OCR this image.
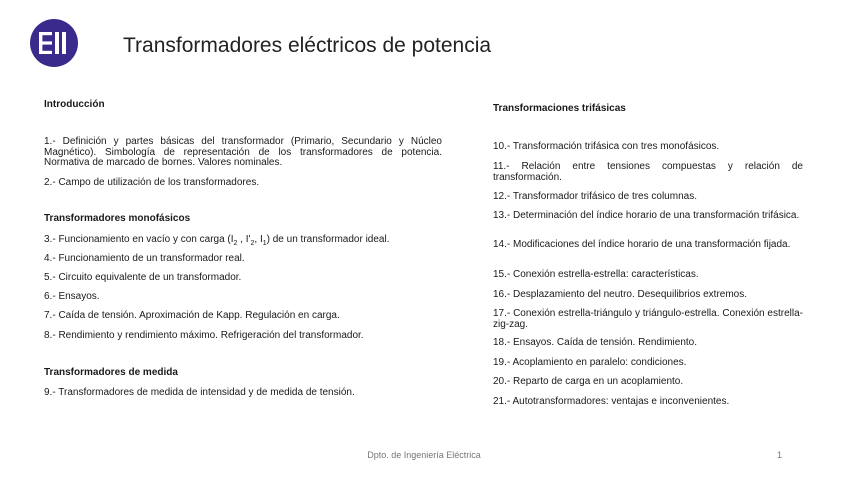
Transformadores eléctricos de potencia
Introducción
1.- Definición y partes básicas del transformador (Primario, Secundario y Núcleo Magnético). Simbología de representación de los transformadores de potencia. Normativa de marcado de bornes. Valores nominales.
2.- Campo de utilización de los transformadores.
Transformadores monofásicos
3.- Funcionamiento en vacío y con carga ($I_2$ , $I'_2$, $I_1$) de un transformador ideal.
4.- Funcionamiento de un transformador real.
5.- Circuito equivalente de un transformador.
6.- Ensayos.
7.- Caída de tensión. Aproximación de Kapp. Regulación en carga.
8.- Rendimiento y rendimiento máximo. Refrigeración del transformador.
Transformadores de medida
9.- Transformadores de medida de intensidad y de medida de tensión.
Transformaciones trifásicas
10.- Transformación trifásica con tres monofásicos.
11.- Relación entre tensiones compuestas y relación de transformación.
12.- Transformador trifásico de tres columnas.
13.- Determinación del índice horario de una transformación trifásica.
14.- Modificaciones del índice horario de una transformación fijada.
15.- Conexión estrella-estrella: características.
16.- Desplazamiento del neutro. Desequilibrios extremos.
17.- Conexión estrella-triángulo y triángulo-estrella. Conexión estrella-zig-zag.
18.- Ensayos. Caída de tensión. Rendimiento.
19.- Acoplamiento en paralelo: condiciones.
20.- Reparto de carga en un acoplamiento.
21.- Autotransformadores: ventajas e inconvenientes.
Dpto. de Ingeniería Eléctrica	1
